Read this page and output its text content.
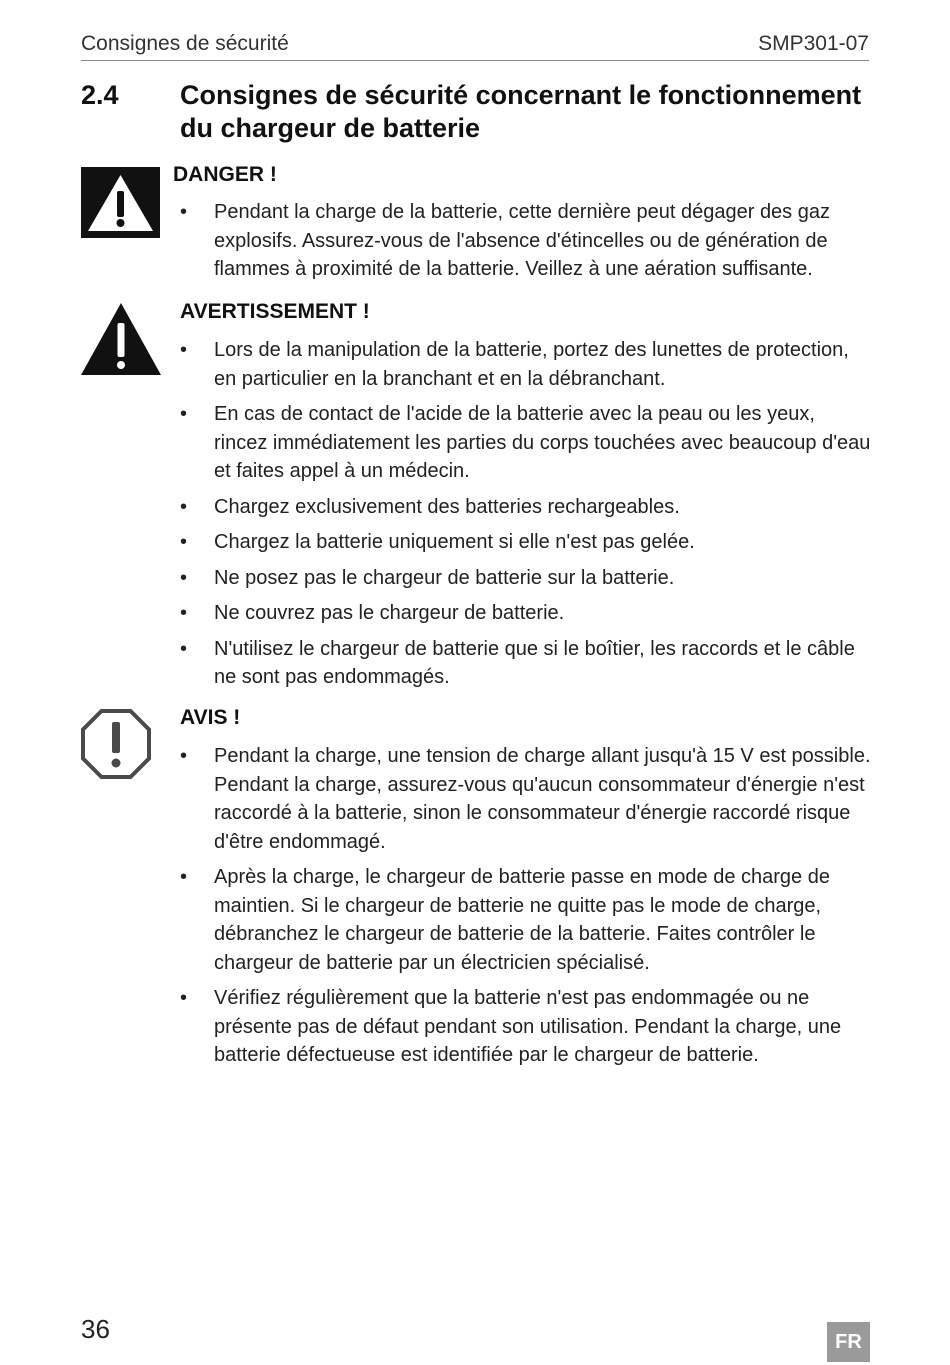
Consignes de sécurité	SMP301-07
2.4 Consignes de sécurité concernant le fonctionnement du chargeur de batterie
DANGER !
• Pendant la charge de la batterie, cette dernière peut dégager des gaz explosifs. Assurez-vous de l'absence d'étincelles ou de génération de flammes à proximité de la batterie. Veillez à une aération suffisante.
AVERTISSEMENT !
• Lors de la manipulation de la batterie, portez des lunettes de protection, en particulier en la branchant et en la débranchant.
• En cas de contact de l'acide de la batterie avec la peau ou les yeux, rincez immédiatement les parties du corps touchées avec beaucoup d'eau et faites appel à un médecin.
• Chargez exclusivement des batteries rechargeables.
• Chargez la batterie uniquement si elle n'est pas gelée.
• Ne posez pas le chargeur de batterie sur la batterie.
• Ne couvrez pas le chargeur de batterie.
• N'utilisez le chargeur de batterie que si le boîtier, les raccords et le câble ne sont pas endommagés.
AVIS !
• Pendant la charge, une tension de charge allant jusqu'à 15 V est possible. Pendant la charge, assurez-vous qu'aucun consommateur d'énergie n'est raccordé à la batterie, sinon le consommateur d'énergie raccordé risque d'être endommagé.
• Après la charge, le chargeur de batterie passe en mode de charge de maintien. Si le chargeur de batterie ne quitte pas le mode de charge, débranchez le chargeur de batterie de la batterie. Faites contrôler le chargeur de batterie par un électricien spécialisé.
• Vérifiez régulièrement que la batterie n'est pas endommagée ou ne présente pas de défaut pendant son utilisation. Pendant la charge, une batterie défectueuse est identifiée par le chargeur de batterie.
36	FR
